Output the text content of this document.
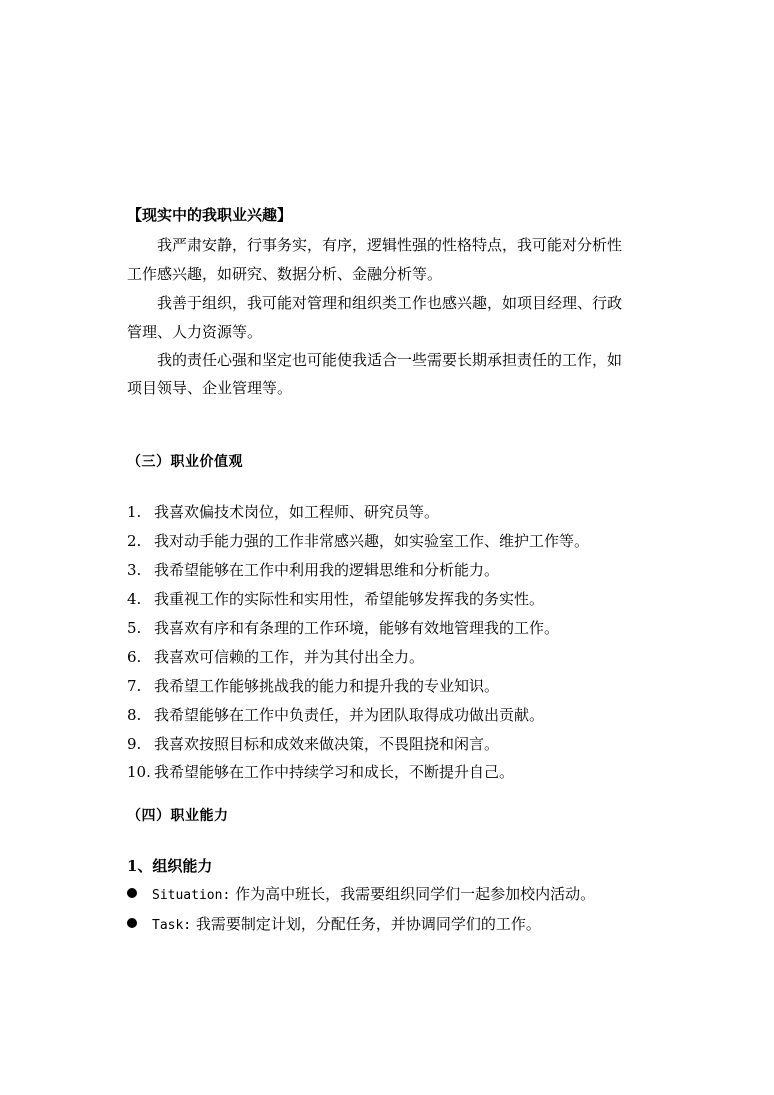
【现实中的我职业兴趣】
我严肃安静，行事务实，有序，逻辑性强的性格特点，我可能对分析性
工作感兴趣，如研究、数据分析、金融分析等。
我善于组织，我可能对管理和组织类工作也感兴趣，如项目经理、行政
管理、人力资源等。
我的责任心强和坚定也可能使我适合一些需要长期承担责任的工作，如
项目领导、企业管理等。
（三）职业价值观
1. 我喜欢偏技术岗位，如工程师、研究员等。
2. 我对动手能力强的工作非常感兴趣，如实验室工作、维护工作等。
3. 我希望能够在工作中利用我的逻辑思维和分析能力。
4. 我重视工作的实际性和实用性，希望能够发挥我的务实性。
5. 我喜欢有序和有条理的工作环境，能够有效地管理我的工作。
6. 我喜欢可信赖的工作，并为其付出全力。
7. 我希望工作能够挑战我的能力和提升我的专业知识。
8. 我希望能够在工作中负责任，并为团队取得成功做出贡献。
9. 我喜欢按照目标和成效来做决策，不畏阻挠和闲言。
10. 我希望能够在工作中持续学习和成长，不断提升自己。
（四）职业能力
1、组织能力
Situation: 作为高中班长，我需要组织同学们一起参加校内活动。
Task: 我需要制定计划，分配任务，并协调同学们的工作。
